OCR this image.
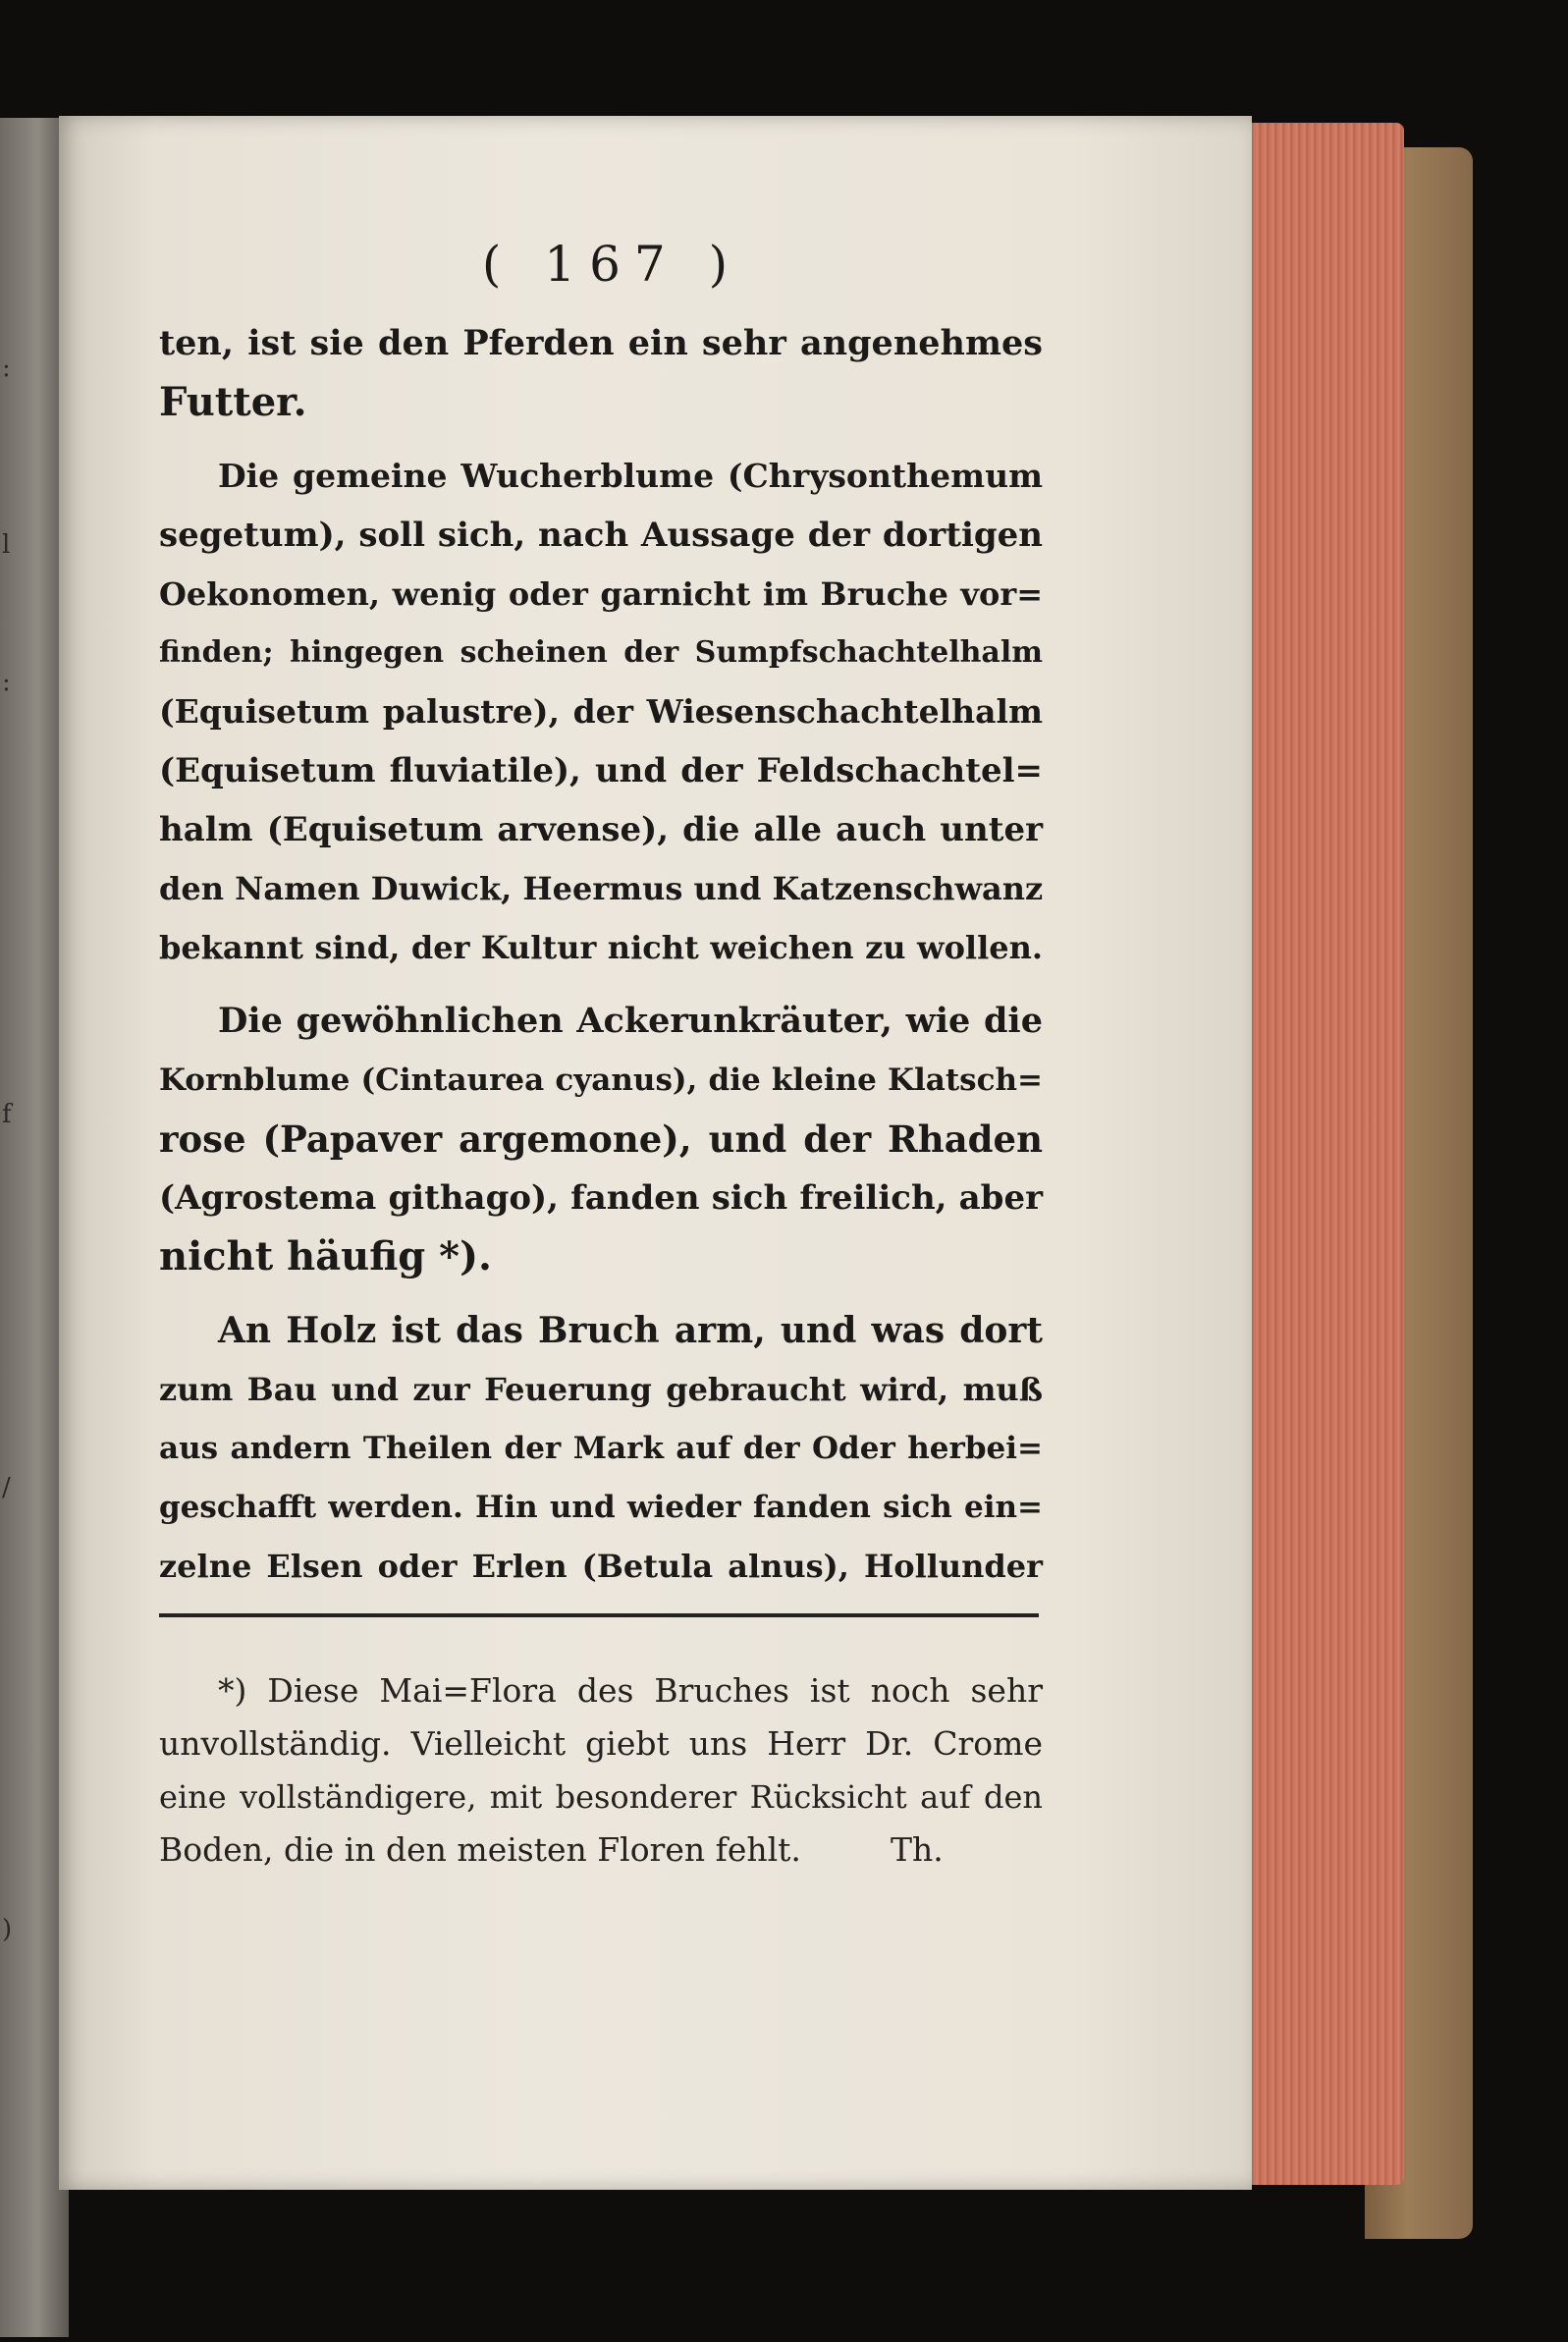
:
l
:
f
/
)
( 167 )
ten, ist sie den Pferden ein sehr angenehmes
Futter.
Die gemeine Wucherblume (Chrysonthemum
segetum), soll sich, nach Aussage der dortigen
Oekonomen, wenig oder garnicht im Bruche vor=
finden; hingegen scheinen der Sumpfschachtelhalm
(Equisetum palustre), der Wiesenschachtelhalm
(Equisetum fluviatile), und der Feldschachtel=
halm (Equisetum arvense), die alle auch unter
den Namen Duwick, Heermus und Katzenschwanz
bekannt sind, der Kultur nicht weichen zu wollen.
Die gewöhnlichen Ackerunkräuter, wie die
Kornblume (Cintaurea cyanus), die kleine Klatsch=
rose (Papaver argemone), und der Rhaden
(Agrostema githago), fanden sich freilich, aber
nicht häufig *).
An Holz ist das Bruch arm, und was dort
zum Bau und zur Feuerung gebraucht wird, muß
aus andern Theilen der Mark auf der Oder herbei=
geschafft werden. Hin und wieder fanden sich ein=
zelne Elsen oder Erlen (Betula alnus), Hollunder
*) Diese Mai=Flora des Bruches ist noch sehr
unvollständig. Vielleicht giebt uns Herr Dr. Crome
eine vollständigere, mit besonderer Rücksicht auf den
Boden, die in den meisten Floren fehlt.	Th.
